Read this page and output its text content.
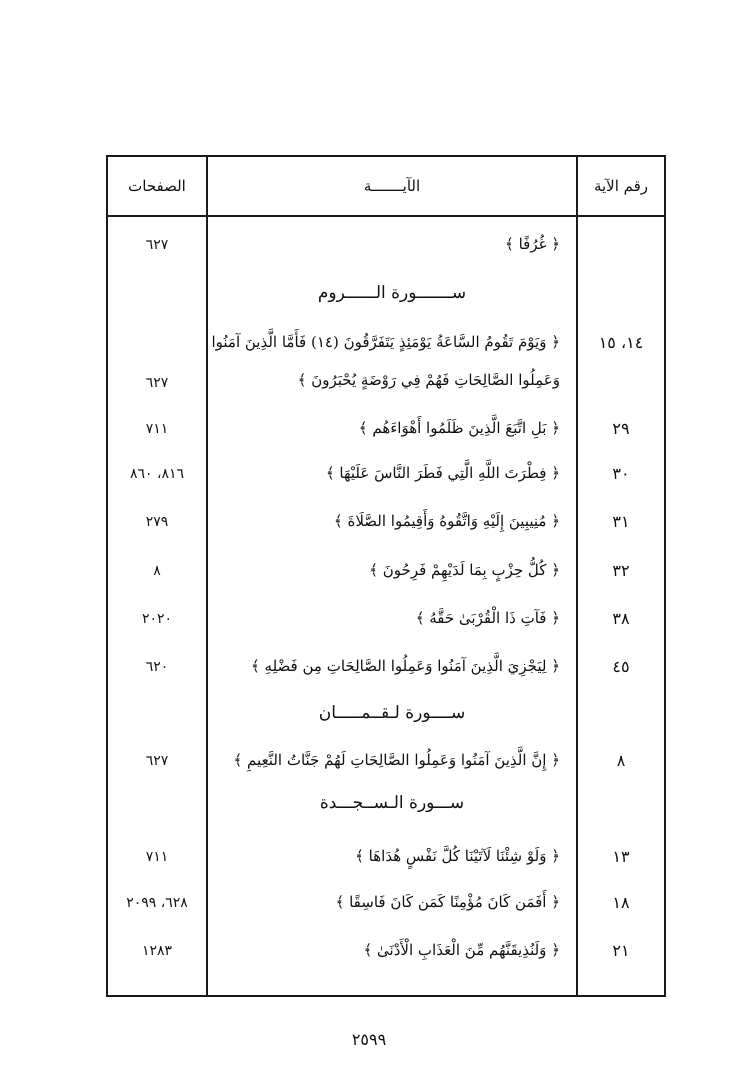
الصفحات	الآيـــــــة	رقم الآية
﴿ غُرُفًا ﴾
٦٢٧
ســـــــورة الــــــروم
١٤، ١٥
﴿ وَيَوْمَ تَقُومُ السَّاعَةُ يَوْمَئِذٍ يَتَفَرَّقُونَ (١٤) فَأَمَّا الَّذِينَ آمَنُوا
وَعَمِلُوا الصَّالِحَاتِ فَهُمْ فِي رَوْضَةٍ يُحْبَرُونَ ﴾
٦٢٧
٢٩
﴿ بَلِ اتَّبَعَ الَّذِينَ ظَلَمُوا أَهْوَاءَهُم ﴾
٧١١
٣٠
﴿ فِطْرَتَ اللَّهِ الَّتِي فَطَرَ النَّاسَ عَلَيْهَا ﴾
٨١٦، ٨٦٠
٣١
﴿ مُنِيبِينَ إِلَيْهِ وَاتَّقُوهُ وَأَقِيمُوا الصَّلَاةَ ﴾
٢٧٩
٣٢
﴿ كُلُّ حِزْبٍ بِمَا لَدَيْهِمْ فَرِحُونَ ﴾
٨
٣٨
﴿ فَآتِ ذَا الْقُرْبَىٰ حَقَّهُ ﴾
٢٠٢٠
٤٥
﴿ لِيَجْزِيَ الَّذِينَ آمَنُوا وَعَمِلُوا الصَّالِحَاتِ مِن فَضْلِهِ ﴾
٦٢٠
ســــورة لـقــمـــــان
٨
﴿ إِنَّ الَّذِينَ آمَنُوا وَعَمِلُوا الصَّالِحَاتِ لَهُمْ جَنَّاتُ النَّعِيمِ ﴾
٦٢٧
ســـورة الـســجـــدة
١٣
﴿ وَلَوْ شِئْنَا لَآتَيْنَا كُلَّ نَفْسٍ هُدَاهَا ﴾
٧١١
١٨
﴿ أَفَمَن كَانَ مُؤْمِنًا كَمَن كَانَ فَاسِقًا ﴾
٦٢٨، ٢٠٩٩
٢١
﴿ وَلَنُذِيقَنَّهُم مِّنَ الْعَذَابِ الْأَدْنَىٰ ﴾
١٢٨٣
٢٥٩٩
